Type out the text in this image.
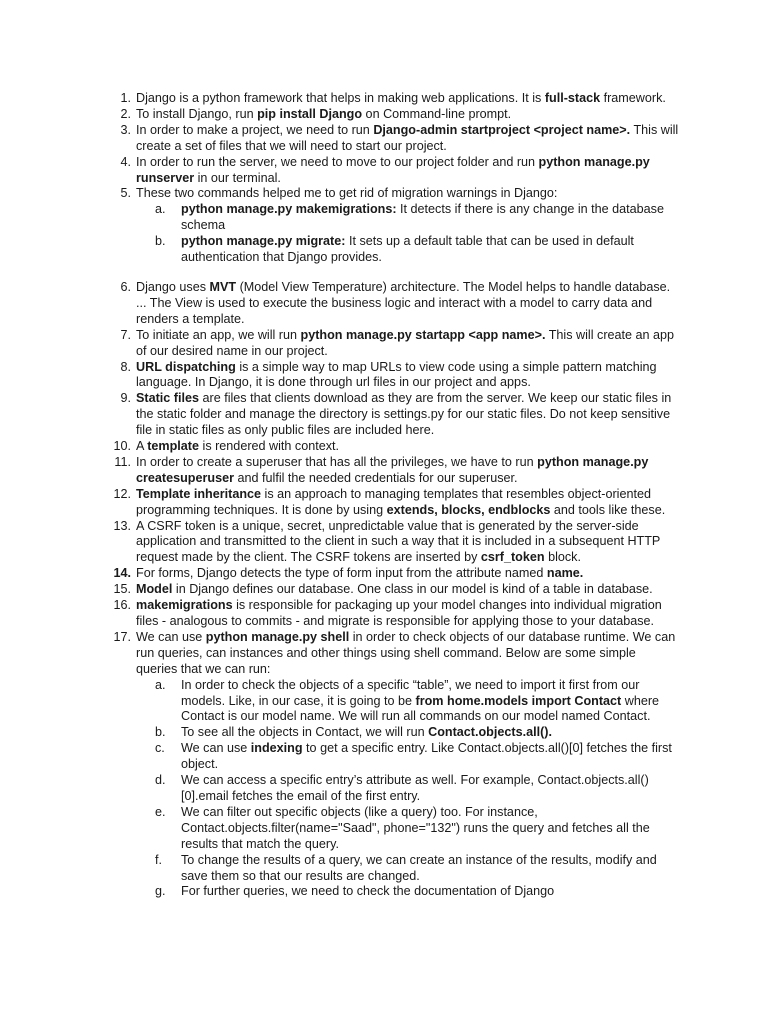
1. Django is a python framework that helps in making web applications. It is full-stack framework.
2. To install Django, run pip install Django on Command-line prompt.
3. In order to make a project, we need to run Django-admin startproject <project name>. This will create a set of files that we will need to start our project.
4. In order to run the server, we need to move to our project folder and run python manage.py runserver in our terminal.
5. These two commands helped me to get rid of migration warnings in Django:
a.	python manage.py makemigrations: It detects if there is any change in the database schema
b.	python manage.py migrate: It sets up a default table that can be used in default authentication that Django provides.
6. Django uses MVT (Model View Temperature) architecture. The Model helps to handle database. ... The View is used to execute the business logic and interact with a model to carry data and renders a template.
7. To initiate an app, we will run python manage.py startapp <app name>. This will create an app of our desired name in our project.
8. URL dispatching is a simple way to map URLs to view code using a simple pattern matching language. In Django, it is done through url files in our project and apps.
9. Static files are files that clients download as they are from the server. We keep our static files in the static folder and manage the directory is settings.py for our static files. Do not keep sensitive file in static files as only public files are included here.
10. A template is rendered with context.
11. In order to create a superuser that has all the privileges, we have to run python manage.py createsuperuser and fulfil the needed credentials for our superuser.
12. Template inheritance is an approach to managing templates that resembles object-oriented programming techniques. It is done by using extends, blocks, endblocks and tools like these.
13. A CSRF token is a unique, secret, unpredictable value that is generated by the server-side application and transmitted to the client in such a way that it is included in a subsequent HTTP request made by the client. The CSRF tokens are inserted by csrf_token block.
14. For forms, Django detects the type of form input from the attribute named name.
15. Model in Django defines our database. One class in our model is kind of a table in database.
16. makemigrations is responsible for packaging up your model changes into individual migration files - analogous to commits - and migrate is responsible for applying those to your database.
17. We can use python manage.py shell in order to check objects of our database runtime. We can run queries, can instances and other things using shell command. Below are some simple queries that we can run:
a.	In order to check the objects of a specific “table”, we need to import it first from our models. Like, in our case, it is going to be from home.models import Contact where Contact is our model name. We will run all commands on our model named Contact.
b.	To see all the objects in Contact, we will run Contact.objects.all().
c.	We can use indexing to get a specific entry. Like Contact.objects.all()[0] fetches the first object.
d.	We can access a specific entry’s attribute as well. For example, Contact.objects.all()[0].email fetches the email of the first entry.
e.	We can filter out specific objects (like a query) too. For instance, Contact.objects.filter(name="Saad", phone="132") runs the query and fetches all the results that match the query.
f.	To change the results of a query, we can create an instance of the results, modify and save them so that our results are changed.
g.	For further queries, we need to check the documentation of Django
